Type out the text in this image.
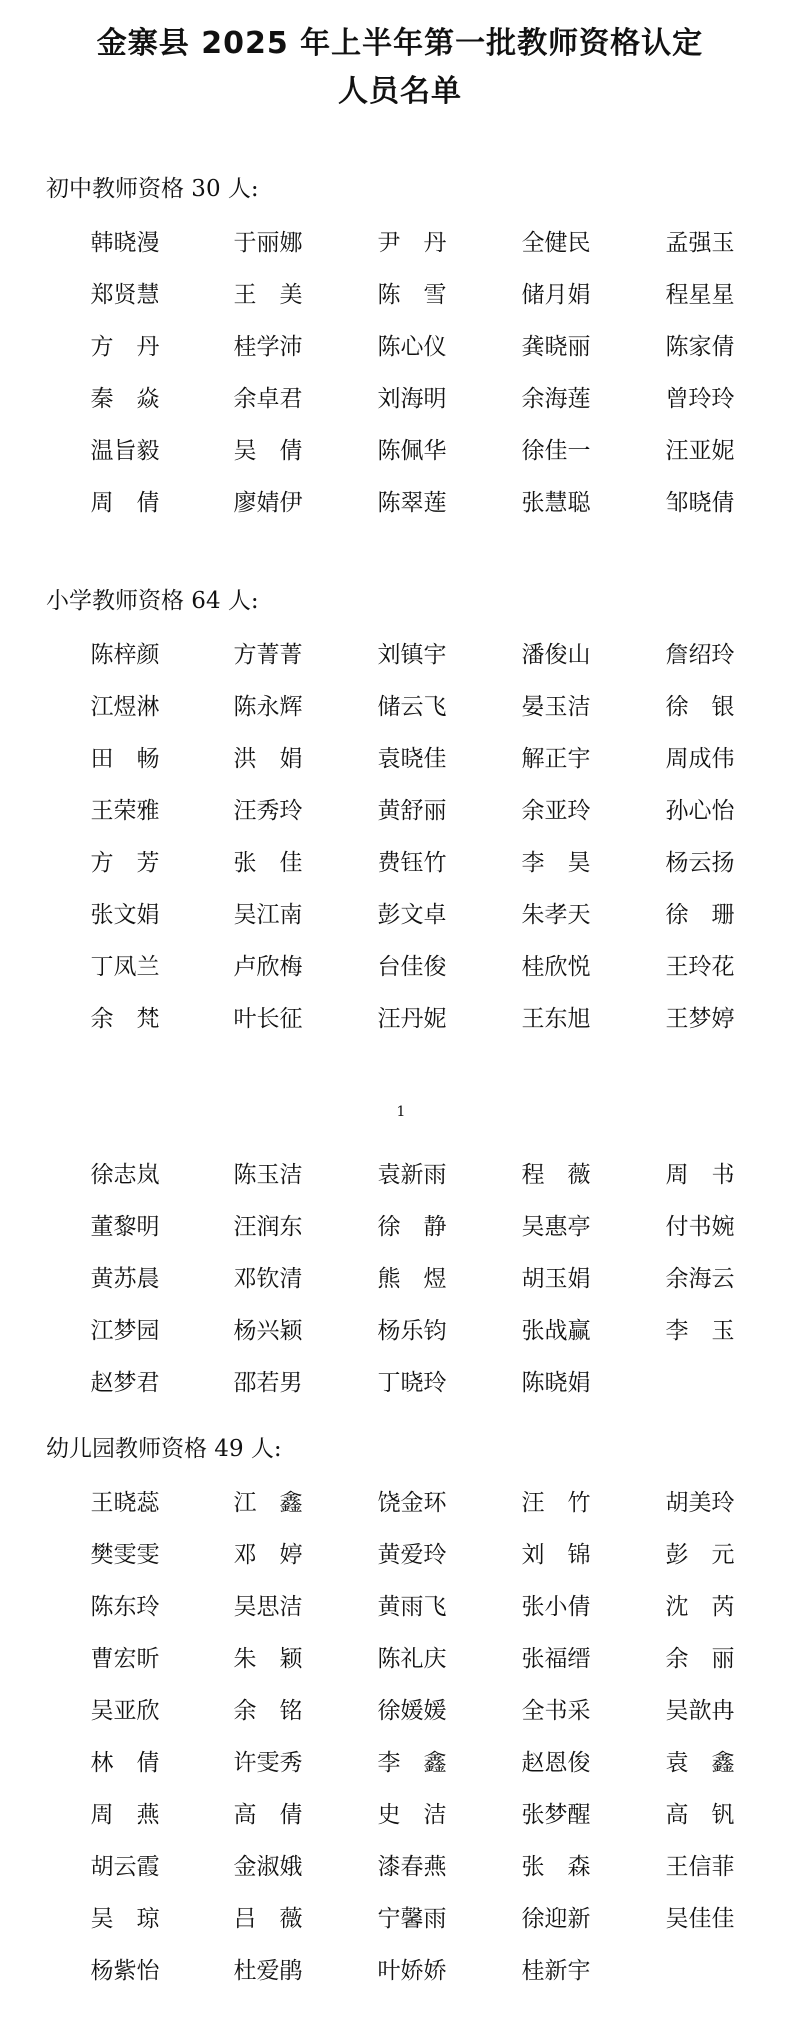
金寨县 2025 年上半年第一批教师资格认定
人员名单
初中教师资格 30 人:
韩晓漫	于丽娜	尹　丹	全健民	孟强玉
郑贤慧	王　美	陈　雪	储月娟	程星星
方　丹	桂学沛	陈心仪	龚晓丽	陈家倩
秦　焱	余卓君	刘海明	余海莲	曾玲玲
温旨毅	吴　倩	陈佩华	徐佳一	汪亚妮
周　倩	廖婧伊	陈翠莲	张慧聪	邹晓倩
小学教师资格 64 人:
陈梓颜	方菁菁	刘镇宇	潘俊山	詹绍玲
江煜淋	陈永辉	储云飞	晏玉洁	徐　银
田　畅	洪　娟	袁晓佳	解正宇	周成伟
王荣雅	汪秀玲	黄舒丽	余亚玲	孙心怡
方　芳	张　佳	费钰竹	李　昊	杨云扬
张文娟	吴江南	彭文卓	朱孝天	徐　珊
丁凤兰	卢欣梅	台佳俊	桂欣悦	王玲花
余　梵	叶长征	汪丹妮	王东旭	王梦婷
徐志岚	陈玉洁	袁新雨	程　薇	周　书
董黎明	汪润东	徐　静	吴惠亭	付书婉
黄苏晨	邓钦清	熊　煜	胡玉娟	余海云
江梦园	杨兴颖	杨乐钧	张战赢	李　玉
赵梦君	邵若男	丁晓玲	陈晓娟
1
幼儿园教师资格 49 人:
王晓蕊	江　鑫	饶金环	汪　竹	胡美玲
樊雯雯	邓　婷	黄爱玲	刘　锦	彭　元
陈东玲	吴思洁	黄雨飞	张小倩	沈　芮
曹宏昕	朱　颖	陈礼庆	张福缙	余　丽
吴亚欣	余　铭	徐媛媛	全书采	吴歆冉
林　倩	许雯秀	李　鑫	赵恩俊	袁　鑫
周　燕	高　倩	史　洁	张梦醒	高　钒
胡云霞	金淑娥	漆春燕	张　森	王信菲
吴　琼	吕　薇	宁馨雨	徐迎新	吴佳佳
杨紫怡	杜爱鹃	叶娇娇	桂新宇
